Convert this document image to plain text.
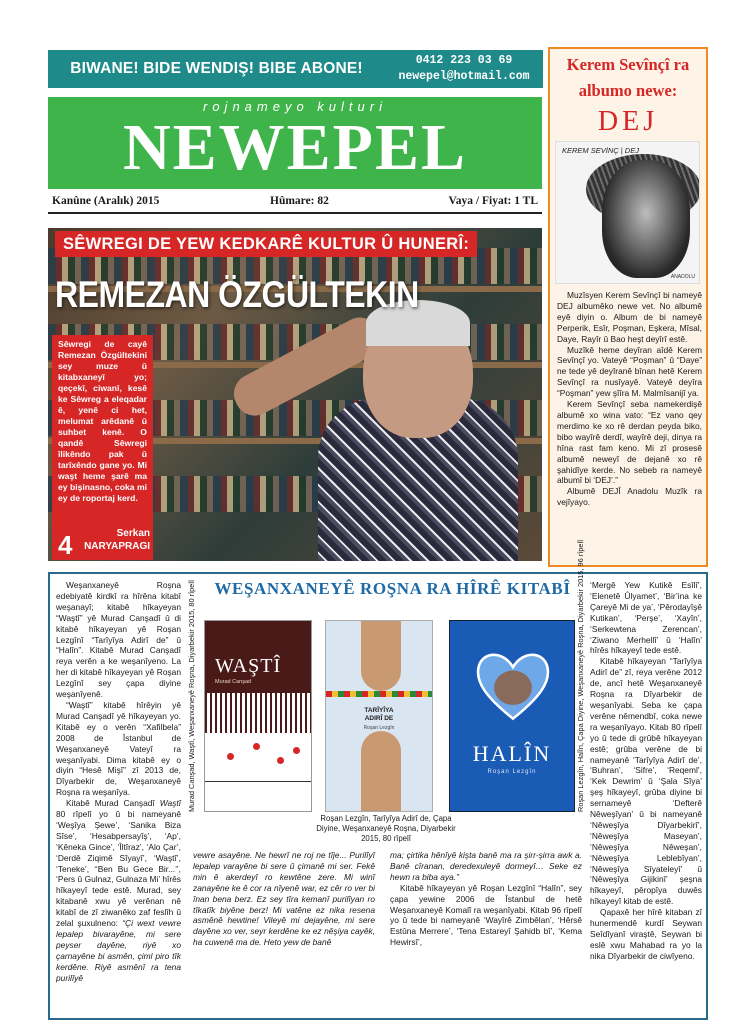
BIWANE! BIDE WENDIŞ! BIBE ABONE!	0412 223 03 69
newepel@hotmail.com
rojnameyo kulturi
NEWEPEL
Kanûne (Aralık) 2015	Hûmare: 82	Vaya / Fiyat: 1 TL
SÊWREGI DE YEW KEDKARÊ KULTUR Û HUNERÎ:
REMEZAN ÖZGÜLTEKIN
Sêwregi de cayê Remezan Özgültekini sey muze û kitabxaneyî yo; qeçekî, ciwanî, kesê ke Sêwreg a eleqadar ê, yenê ci het, melumat arêdanê û suhbet kenê. O qandê Sêwregi îlikêndo pak û tarîxêndo gane yo. Mi waşt heme şarê ma ey bişinasno, coka mi ey de roportaj kerd.
4	Serkan
NARYAPRAGI
Kerem Sevînçî ra albumo newe:
DEJ
KEREM SEVİNÇ | DEJ
ANADOLU

Muzîsyen Kerem Sevînçî bi nameyê DEJ albumêko newe vet. No albumê eyê diyin o. Album de bi nameyê Perperik, Esîr, Poşman, Eşkera, Mîsal, Daye, Rayîr û Bao heşt deyîrî estê.

Muzîkê heme deyîran aîdê Kerem Sevînçî yo. Vateyê “Poşman” û “Daye” ne tede yê deyîranê bînan hetê Kerem Sevînçî ra nusîyayê. Vateyê deyîra “Poşman” yew şîîra M. Malmîsanijî ya.

Kerem Sevînçî seba namekerdişê albumê xo wina vato: “Ez vano qey merdimo ke xo rê derdan peyda biko, bibo wayîrê derdî, wayîrê deji, dinya ra hîna rast fam keno. Mi zî prosesê albumê neweyî de dejanê xo rê şahidîye kerde. No sebeb ra nameyê albumî bi ‘DEJ’.”

Albumê DEJÎ Anadolu Muzîk ra vejîyayo.

WEŞANXANEYÊ ROŞNA RA HÎRÊ KITABÎ

Weşanxaneyê Roşna edebiyatê kirdkî ra hîrêna kitabî weşanayî; kitabê hîkayeyan “Waştî” yê Murad Canşadî û di kitabê hîkayeyan yê Roşan Lezgînî “Tarîyîya Adirî de” û “Halîn”. Kitabê Murad Canşadî reya verên a ke weşanîyeno. La her di kitabê hîkayeyan yê Roşan Lezgînî sey çapa diyine weşanîyenê.

“Waştî” kitabê hîrêyin yê Murad Canşadî yê hîkayeyan yo. Kitabê ey o verên “Xafilbela” 2008 de Îstanbul de Weşanxaneyê Vateyî ra weşanîyabi. Dima kitabê ey o diyin “Hesê Mişî” zî 2013 de, Dîyarbekir de, Weşanxaneyê Roşna ra weşanîya.

Kitabê Murad Canşadî Waştî 80 rîpelî yo û bi nameyanê ‘Weşîya Şewe’, ‘Sanika Biza Sîse’, ‘Hesabpersayîş’, ‘Ap’, ‘Kêneka Gince’, ‘Îltîraz’, ‘Alo Çar’, ‘Derdê Ziqimê Sîyayî’, ‘Waştî’, ‘Teneke’, ‘‘Ben Bu Gece Bir...’’, ‘Pers û Gulnaz, Gulnaza Mi’ hîrês hîkayeyî tede estê. Murad, sey kitabanê xwu yê verênan nê kitabî de zî ziwanêko zaf feslîh û zelal şuxulneno: “Çi wext vewre lepalep bivarayêne, mi sere peyser dayêne, riyê xo çarnayêne bi asmên, çiml piro tîk kerdêne. Riyê asmênî ra tena purilîyê

WAŞTÎ
Murad Canşad
Murad Canşad, Waştî, Weşanxaneyê Roşna, Diyarbekir 2015, 80 rîpelî	TARÎYÎYA
ADIRÎ DE
Roşan Lezgîn
Roşan Lezgîn, Tarîyîya Adirî de, Çapa Diyine, Weşanxaneyê Roşna, Diyarbekir 2015, 80 rîpelî
HALÎN
Roşan Lezgîn	Roşan Lezgîn, Halîn, Çapa Diyine, Weşanxaneyê Roşna, Diyarbekir 2015, 96 rîpelî

vewre asayêne. Ne hewrî ne roj ne tîje... Purilîyî lepalep varayêne bi sere û çimanê mi ser. Fekê min ê akerdeyî ro kewtêne zere. Mi winî zanayêne ke ê cor ra nîyenê war, ez cêr ro ver bi înan bena berz. Ez sey tîra kemanî purilîyan ro tîkatîk biyêne berz! Mi vatêne ez nika resena asmênê hewtine! Vileyê mi dejayêne, mi sere dayêne xo ver, seyr kerdêne ke ez nêşiya cayêk, ha cuwenê ma de. Heto yew de banê

ma; çirtika hênîyê kişta banê ma ra şirr-şirra awk a. Banê cîranan, deredexuleyê dormeyî… Seke ez hewn ra biba aya.”

Kitabê hîkayeyan yê Roşan Lezgînî “Halîn”, sey çapa yewine 2006 de Îstanbul de hetê Weşanxaneyê Komalî ra weşanîyabi. Kitab 96 rîpelî yo û tede bi nameyanê ‘Wayîrê Zimbêlan’, ‘Hêrsê Estûna Merrere’, ‘Tena Estareyî Şahidb bî’, ‘Kema Hewirsî’,

‘Mergê Yew Kutikê Esîlî’, ‘Elenetê Ûlyamet’, ‘Bir’ina ke Çareyê Mi de ya’, ‘Pêrodayîşê Kutikan’, ‘Perşe’, ‘Xayîn’, ‘Serkewtena Zerencan’, ‘Ziwano Merhellî’ û ‘Halîn’ hîrês hîkayeyî tede estê.

Kitabê hîkayeyan “Tarîyîya Adirî de” zî, reya verêne 2012 de, ancî hetê Weşanxaneyê Roşna ra Dîyarbekir de weşanîyabi. Seba ke çapa verêne nêmendbî, coka newe ra weşanîyayo. Kitab 80 rîpelî yo û tede di grûbê hîkayeyan estê; grûba verêne de bi nameyanê ‘Tarîyîya Adirî de’, ‘Buhran’, ‘Sifre’, ‘Reqeml’, ‘Kek Dewrim’ û ‘Şala Sîya’ şeş hîkayeyî, grûba diyine bi sernameyê ‘Defterê Nêweşîyan’ û bi nameyanê ‘Nêweşîya Dîyarbekirî’, ‘Nêweşîya Maseyan’, ‘Nêweşîya Nêweşan’, ‘Nêweşîya Leblebîyan’, ‘Nêweşîya Sîyateleyî’ û ‘Nêweşîya Gijikinî’ şeşna hîkayeyî, pêropîya duwês hîkayeyî kitab de estê.

Qapaxê her hîrê kitaban zî hunermendê kurdî Seywan Seîdîyanî viraştê, Seywan bi eslê xwu Mahabad ra yo la nika Dîyarbekir de ciwîyeno.
